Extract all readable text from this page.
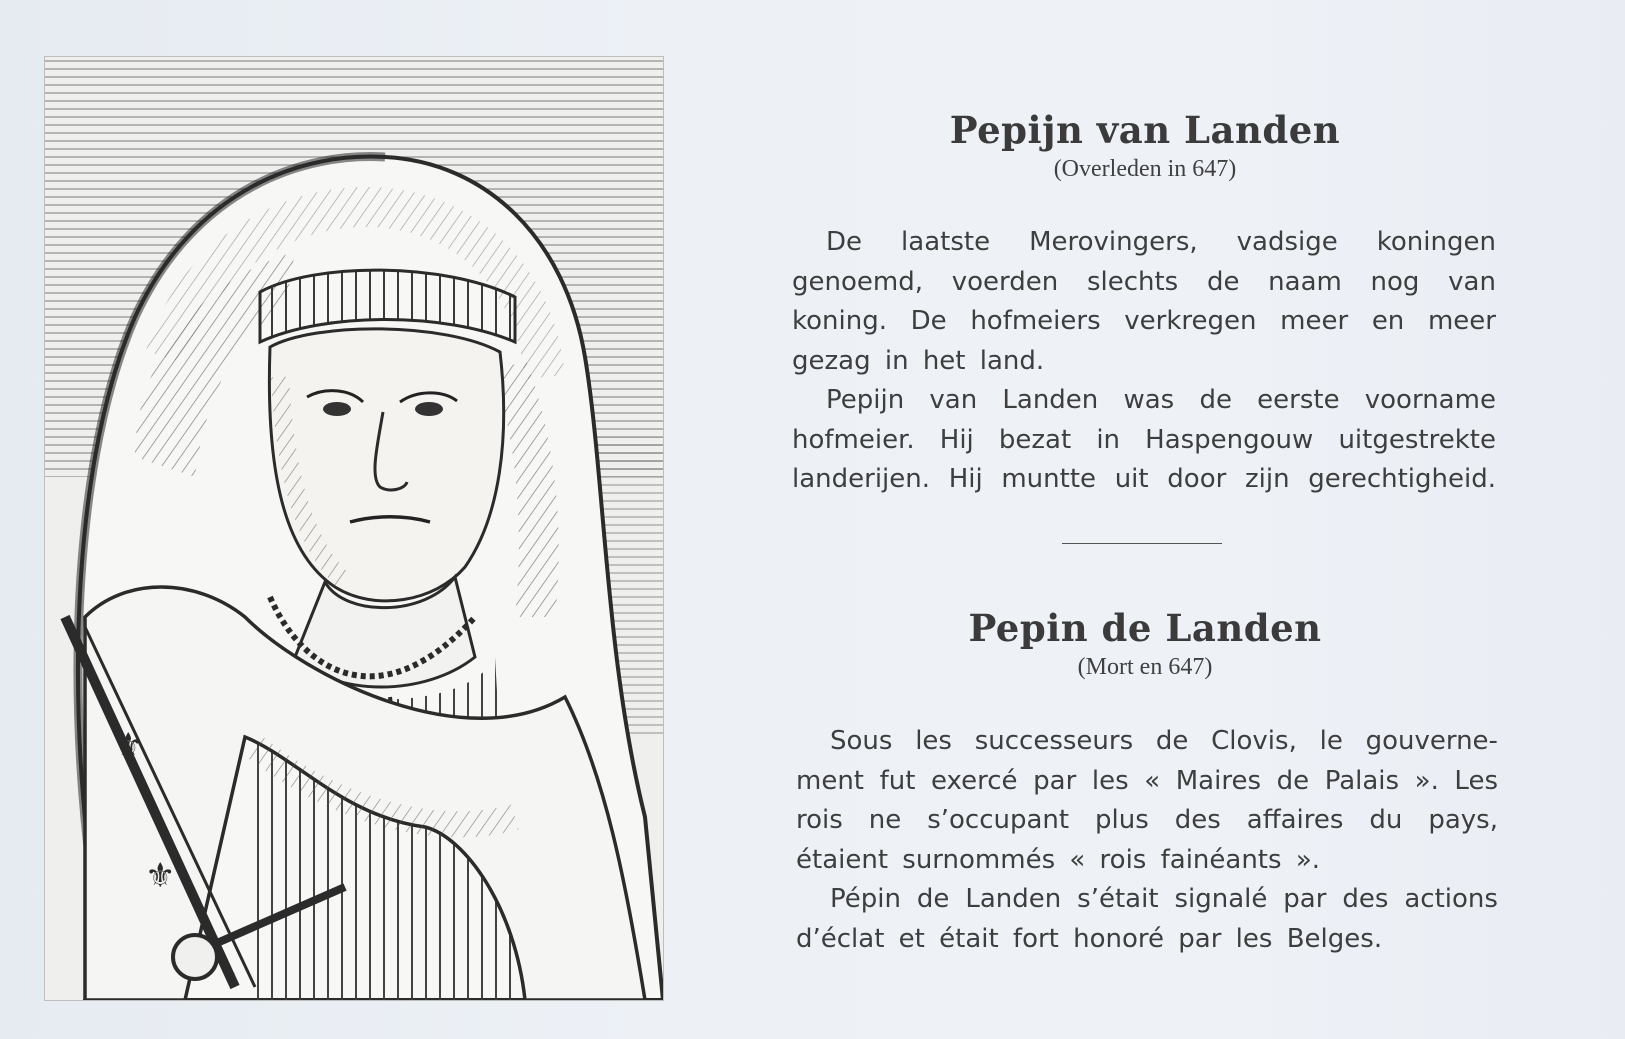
⚜
⚜
Pepijn van Landen

(Overleden in 647)

De laatste Merovingers, vadsige koningen
genoemd, voerden slechts de naam nog van
koning. De hofmeiers verkregen meer en meer
gezag in het land.
Pepijn van Landen was de eerste voorname
hofmeier. Hij bezat in Haspengouw uitgestrekte
landerijen. Hij muntte uit door zijn gerechtigheid.
Pepin de Landen

(Mort en 647)

Sous les successeurs de Clovis, le gouverne-
ment fut exercé par les « Maires de Palais ». Les
rois ne s’occupant plus des affaires du pays,
étaient surnommés « rois fainéants ».
Pépin de Landen s’était signalé par des actions
d’éclat et était fort honoré par les Belges.
